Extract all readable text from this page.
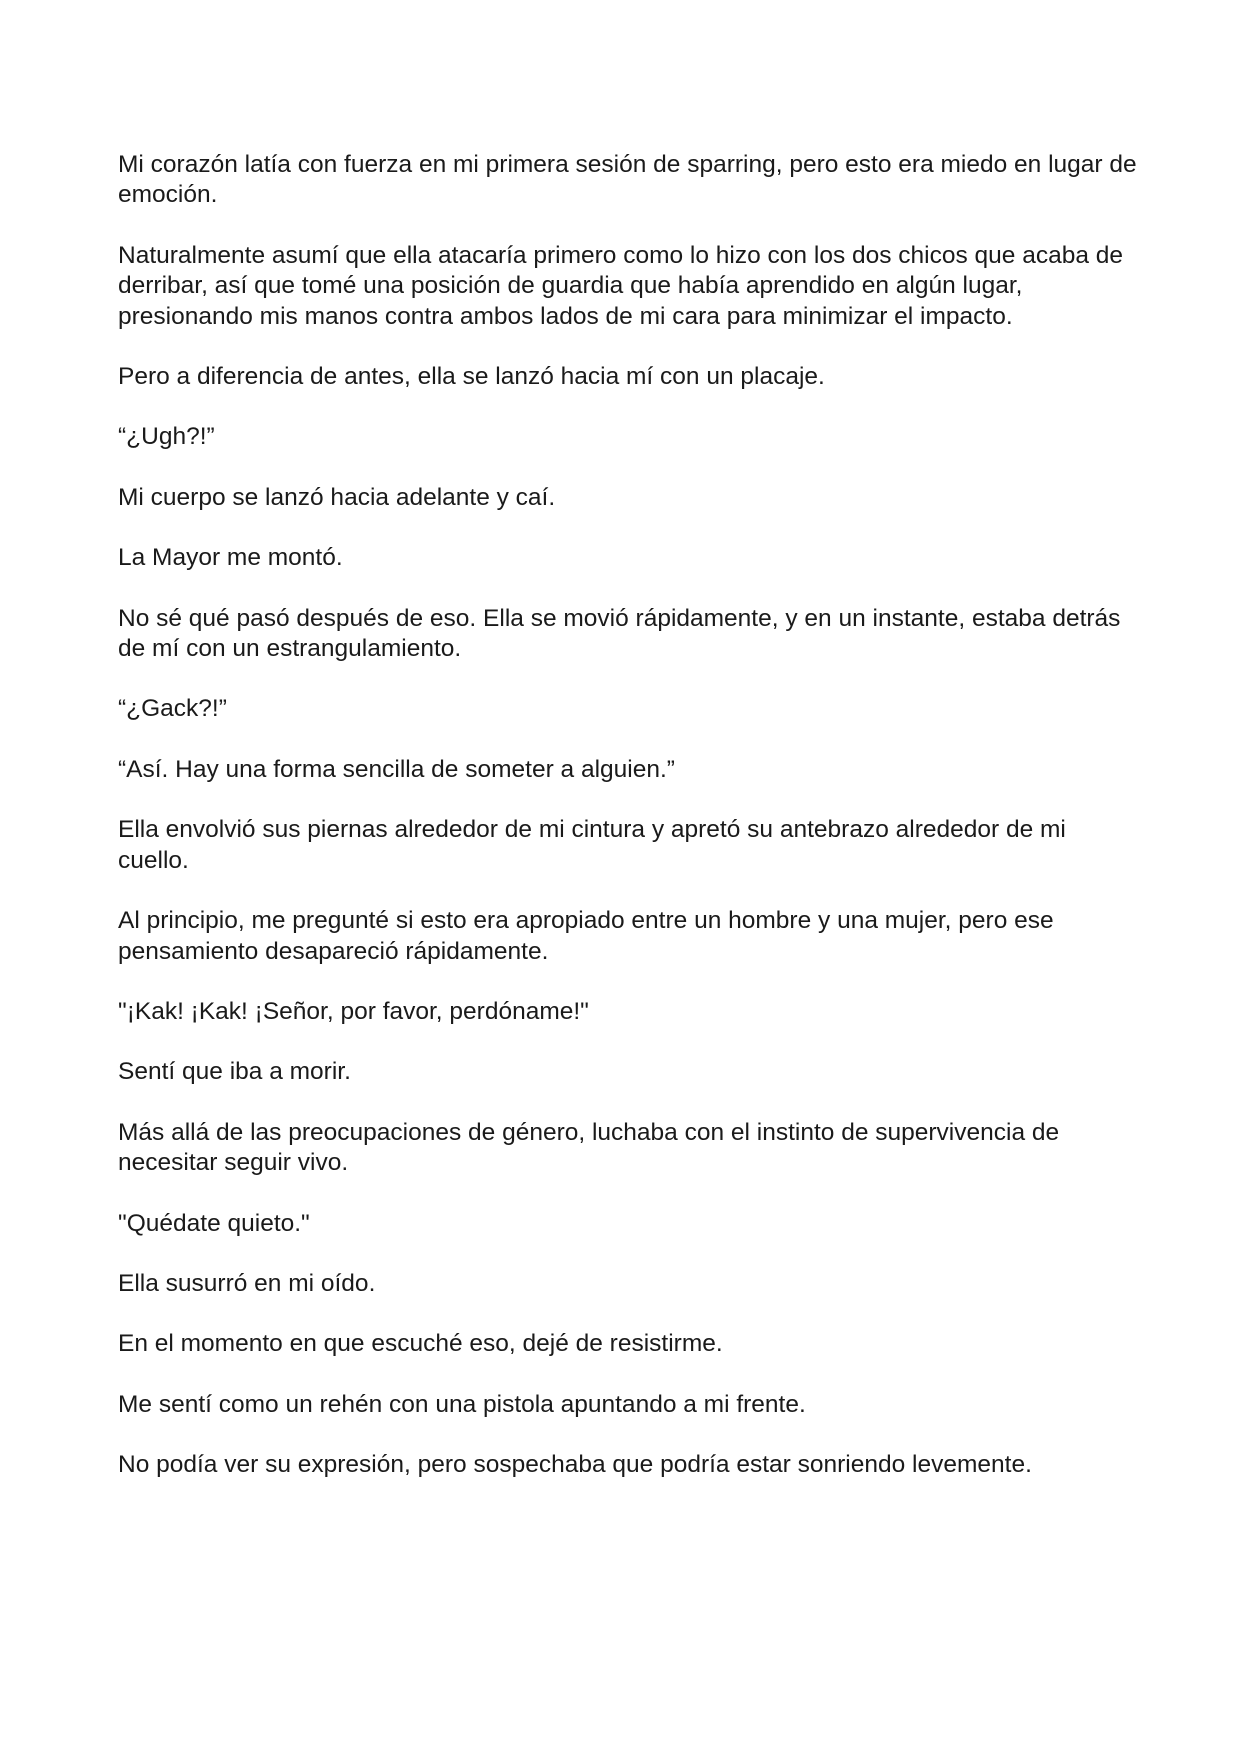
Mi corazón latía con fuerza en mi primera sesión de sparring, pero esto era miedo en lugar de emoción.

Naturalmente asumí que ella atacaría primero como lo hizo con los dos chicos que acaba de derribar, así que tomé una posición de guardia que había aprendido en algún lugar, presionando mis manos contra ambos lados de mi cara para minimizar el impacto.

Pero a diferencia de antes, ella se lanzó hacia mí con un placaje.

“¿Ugh?!”

Mi cuerpo se lanzó hacia adelante y caí.

La Mayor me montó.

No sé qué pasó después de eso. Ella se movió rápidamente, y en un instante, estaba detrás de mí con un estrangulamiento.

“¿Gack?!”

“Así. Hay una forma sencilla de someter a alguien.”

Ella envolvió sus piernas alrededor de mi cintura y apretó su antebrazo alrededor de mi cuello.

Al principio, me pregunté si esto era apropiado entre un hombre y una mujer, pero ese pensamiento desapareció rápidamente.

"¡Kak! ¡Kak! ¡Señor, por favor, perdóname!"

Sentí que iba a morir.

Más allá de las preocupaciones de género, luchaba con el instinto de supervivencia de necesitar seguir vivo.

"Quédate quieto."

Ella susurró en mi oído.

En el momento en que escuché eso, dejé de resistirme.

Me sentí como un rehén con una pistola apuntando a mi frente.

No podía ver su expresión, pero sospechaba que podría estar sonriendo levemente.
